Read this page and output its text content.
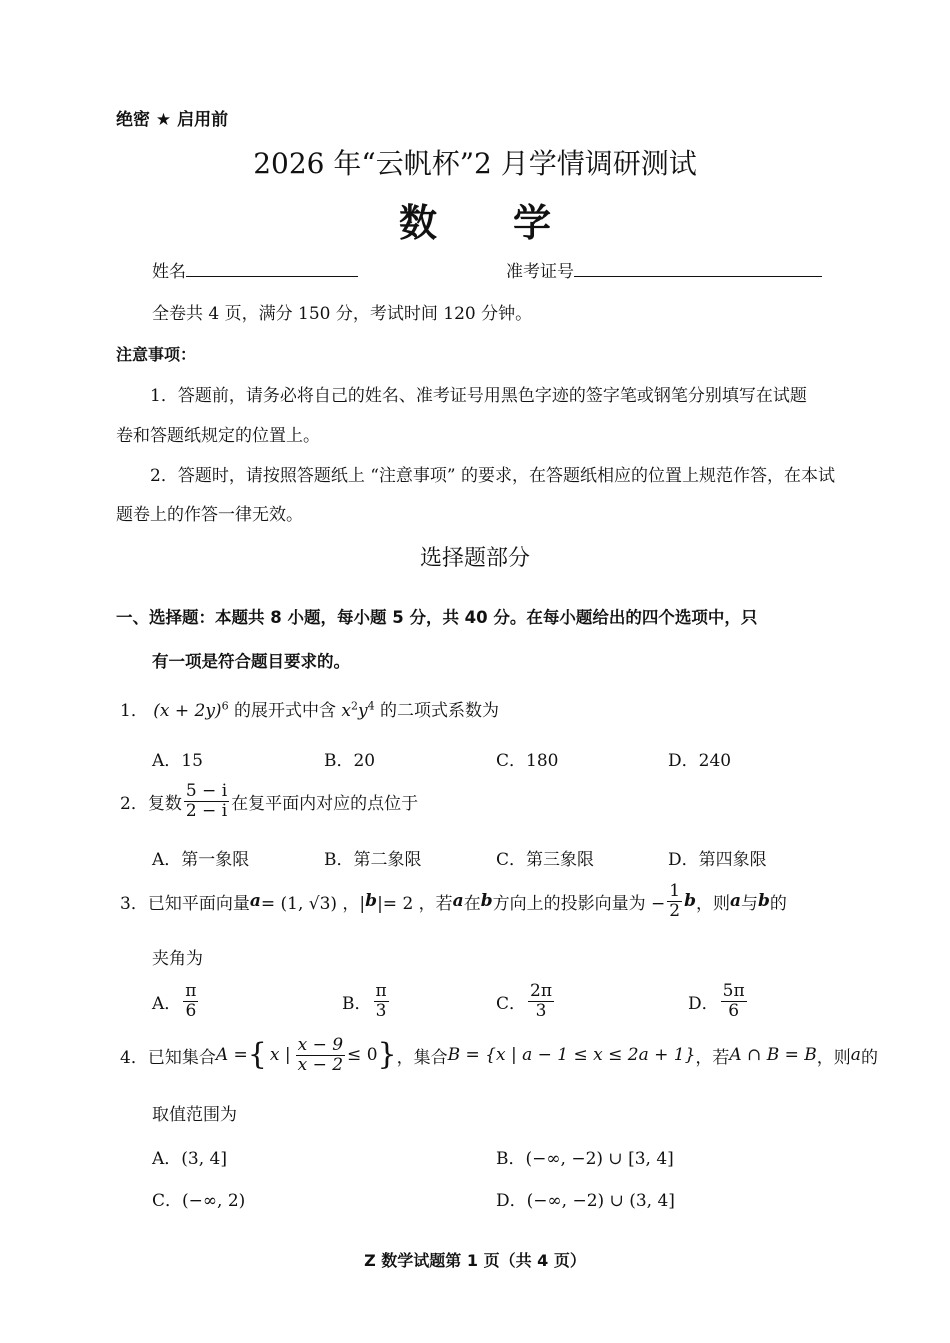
绝密 ★ 启用前
2026 年“云帆杯”2 月学情调研测试
数　　学
姓名	准考证号
全卷共 4 页，满分 150 分，考试时间 120 分钟。
注意事项：
1．答题前，请务必将自己的姓名、准考证号用黑色字迹的签字笔或钢笔分别填写在试题
卷和答题纸规定的位置上。
2．答题时，请按照答题纸上 “注意事项” 的要求，在答题纸相应的位置上规范作答，在本试
题卷上的作答一律无效。
选择题部分
一、选择题：本题共 8 小题，每小题 5 分，共 40 分。在每小题给出的四个选项中，只
有一项是符合题目要求的。
1． $(x + 2y)^6$ 的展开式中含 $x^2y^4$ 的二项式系数为
A．15	B．20	C．180	D．240
2．复数 $\frac{5 - i}{2 - i}$ 在复平面内对应的点位于
A．第一象限	B．第二象限	C．第三象限	D．第四象限
3．已知平面向量 a = (1, √3) ，| b |= 2 ，若 a 在 b 方向上的投影向量为 − $\frac{1}{2}$ b ，则 a 与 b 的
夹角为
A． $\frac{\pi}{6}$	B． $\frac{\pi}{3}$	C． $\frac{2\pi}{3}$	D． $\frac{5\pi}{6}$
4．已知集合 A = { x | $\frac{x - 9}{x - 2} \le 0$ } ，集合 B = {x | a − 1 ≤ x ≤ 2a + 1} ，若 A ∩ B = B ，则 a 的
取值范围为
A．(3, 4]	B．(−∞, −2) ∪ [3, 4]
C．(−∞, 2)	D．(−∞, −2) ∪ (3, 4]
Z 数学试题第 1 页（共 4 页）
